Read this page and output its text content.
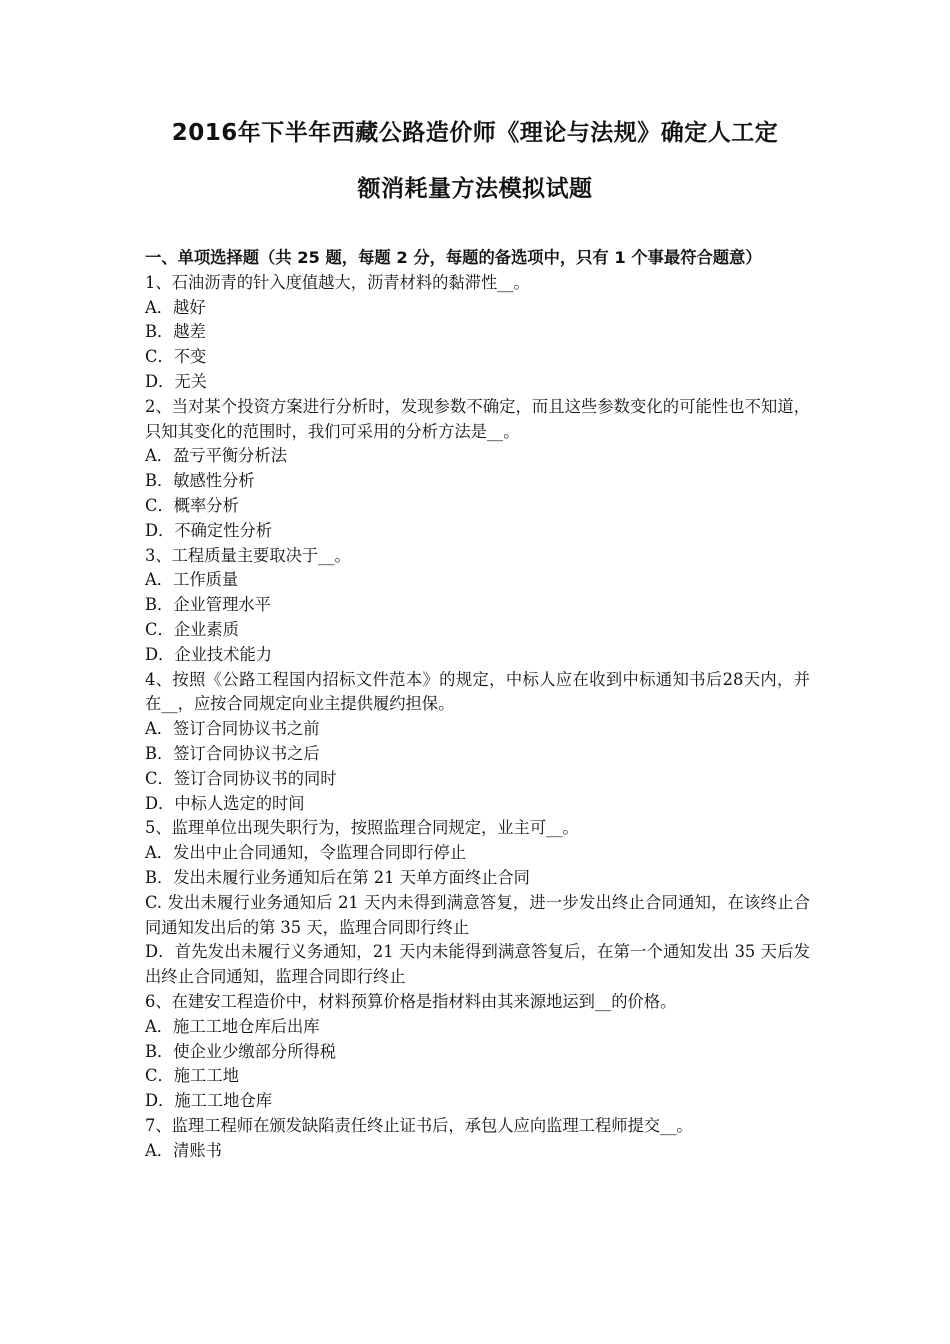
2016年下半年西藏公路造价师《理论与法规》确定人工定
额消耗量方法模拟试题
一、单项选择题（共 25 题，每题 2 分，每题的备选项中，只有 1 个事最符合题意）
1、石油沥青的针入度值越大，沥青材料的黏滞性__。
A．越好
B．越差
C．不变
D．无关
2、当对某个投资方案进行分析时，发现参数不确定，而且这些参数变化的可能性也不知道，只知其变化的范围时，我们可采用的分析方法是__。
A．盈亏平衡分析法
B．敏感性分析
C．概率分析
D．不确定性分析
3、工程质量主要取决于__。
A．工作质量
B．企业管理水平
C．企业素质
D．企业技术能力
4、按照《公路工程国内招标文件范本》的规定，中标人应在收到中标通知书后28天内，并在__，应按合同规定向业主提供履约担保。
A．签订合同协议书之前
B．签订合同协议书之后
C．签订合同协议书的同时
D．中标人选定的时间
5、监理单位出现失职行为，按照监理合同规定，业主可__。
A．发出中止合同通知，令监理合同即行停止
B．发出未履行业务通知后在第 21 天单方面终止合同
C. 发出未履行业务通知后 21 天内未得到满意答复，进一步发出终止合同通知，在该终止合同通知发出后的第 35 天，监理合同即行终止
D．首先发出未履行义务通知，21 天内未能得到满意答复后，在第一个通知发出 35 天后发出终止合同通知，监理合同即行终止
6、在建安工程造价中，材料预算价格是指材料由其来源地运到__的价格。
A．施工工地仓库后出库
B．使企业少缴部分所得税
C．施工工地
D．施工工地仓库
7、监理工程师在颁发缺陷责任终止证书后，承包人应向监理工程师提交__。
A．清账书
